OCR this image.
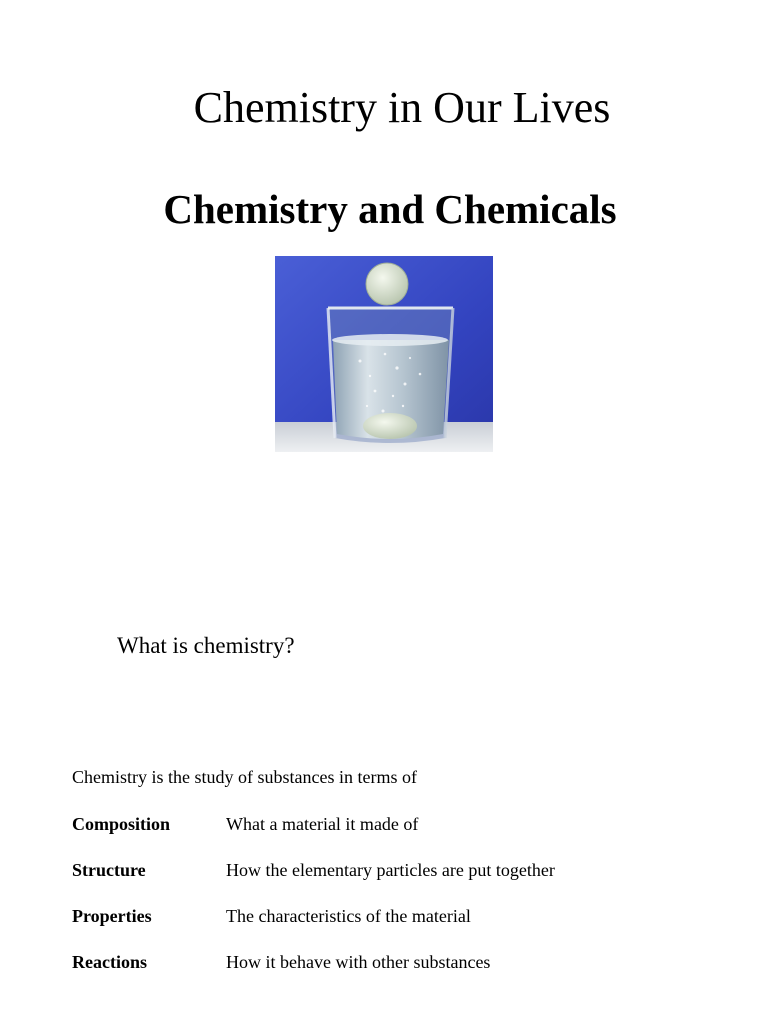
Chemistry in Our Lives
Chemistry and Chemicals
What is chemistry?
Chemistry is the study of substances in terms of
Composition	What a material it made of
Structure	How the elementary particles are put together
Properties	The characteristics of the material
Reactions	How it behave with other substances
